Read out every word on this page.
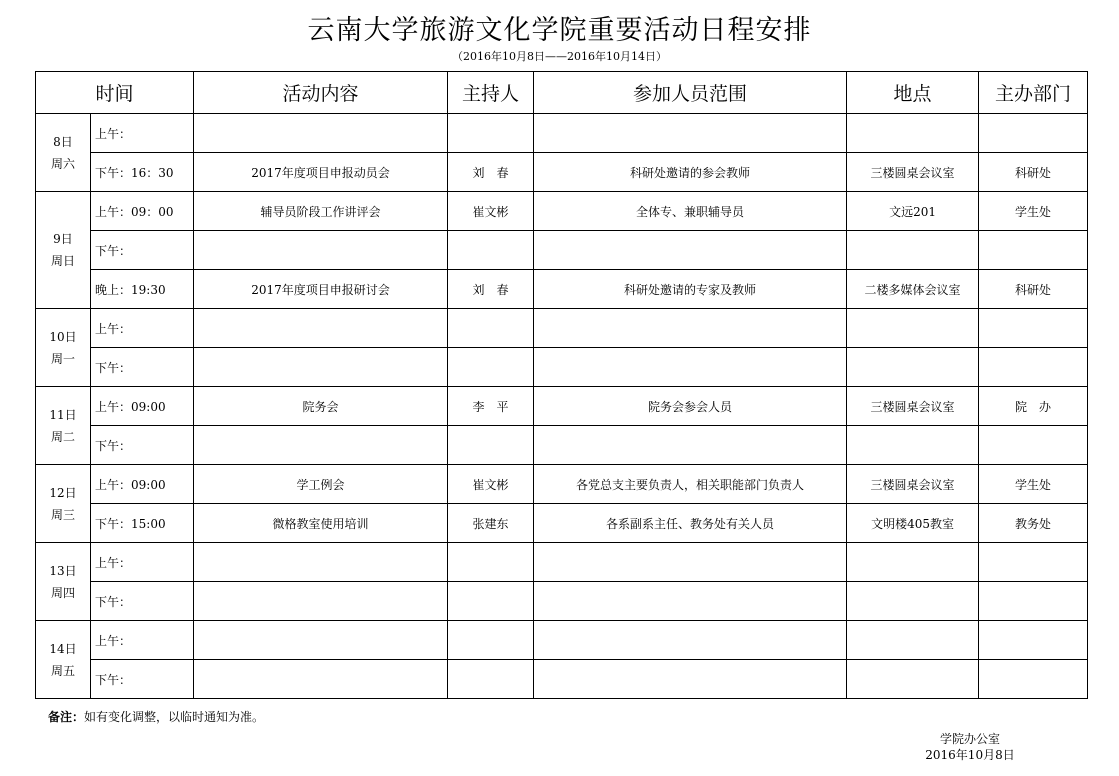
云南大学旅游文化学院重要活动日程安排
（2016年10月8日——2016年10月14日）
时间		活动内容	主持人	参加人员范围	地点	主办部门

8日
周六	上午：					
	下午：16：30	2017年度项目申报动员会	刘　春	科研处邀请的参会教师	三楼圆桌会议室	科研处

9日
周日	上午：09：00	辅导员阶段工作讲评会	崔文彬	全体专、兼职辅导员	文远201	学生处
	下午：					
	晚上：19:30	2017年度项目申报研讨会	刘　春	科研处邀请的专家及教师	二楼多媒体会议室	科研处

10日
周一	上午：					
	下午：					

11日
周二	上午：09:00	院务会	李　平	院务会参会人员	三楼圆桌会议室	院　办
	下午：					

12日
周三	上午：09:00	学工例会	崔文彬	各党总支主要负责人，相关职能部门负责人	三楼圆桌会议室	学生处
	下午：15:00	微格教室使用培训	张建东	各系副系主任、教务处有关人员	文明楼405教室	教务处

13日
周四	上午：					
	下午：					

14日
周五	上午：					
	下午：					
备注：如有变化调整，以临时通知为准。
学院办公室
2016年10月8日
